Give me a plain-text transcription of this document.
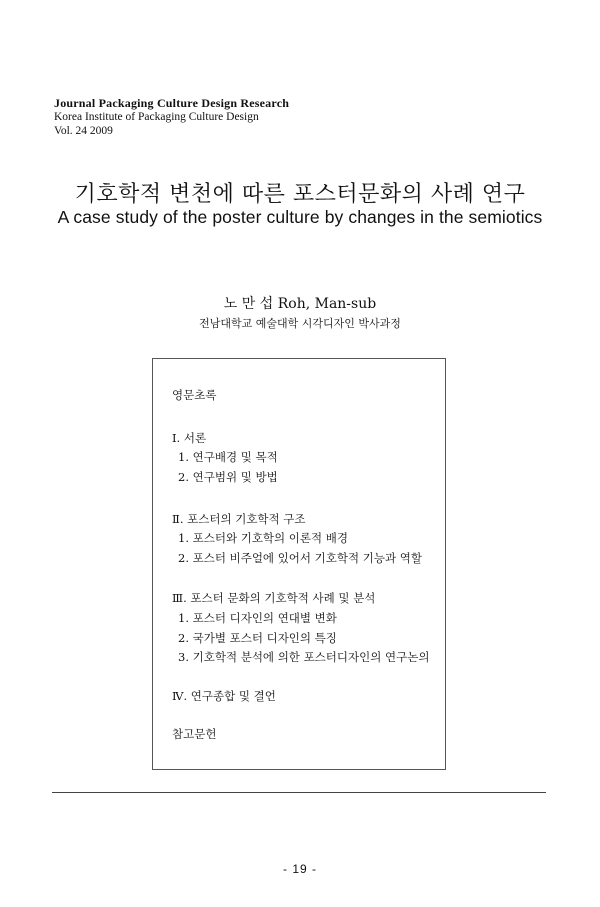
Journal Packaging Culture Design Research
Korea Institute of Packaging Culture Design
Vol. 24 2009
기호학적 변천에 따른 포스터문화의 사례 연구
A case study of the poster culture by changes in the semiotics
노 만 섭 Roh, Man-sub
전남대학교 예술대학 시각디자인 박사과정
영문초록
Ⅰ. 서론
1. 연구배경 및 목적
2. 연구범위 및 방법
Ⅱ. 포스터의 기호학적 구조
1. 포스터와 기호학의 이론적 배경
2. 포스터 비주얼에 있어서 기호학적 기능과 역할
Ⅲ. 포스터 문화의 기호학적 사례 및 분석
1. 포스터 디자인의 연대별 변화
2. 국가별 포스터 디자인의 특징
3. 기호학적 분석에 의한 포스터디자인의 연구논의
Ⅳ. 연구종합 및 결언
참고문헌
- 19 -
